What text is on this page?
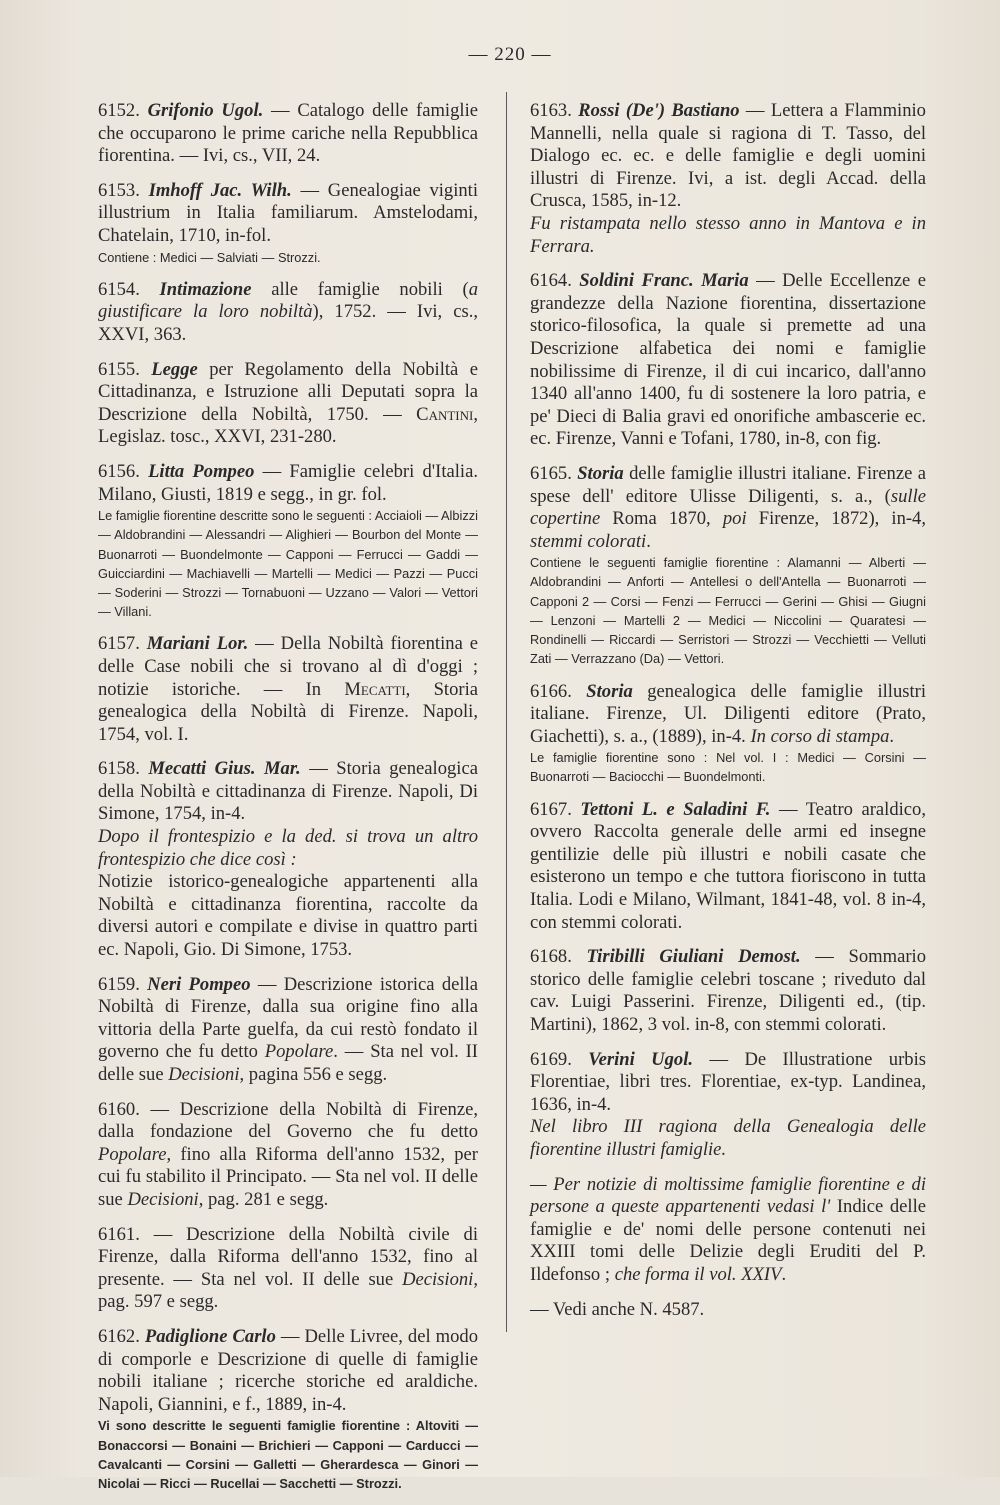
— 220 —

6152. Grifonio Ugol. — Catalogo delle famiglie che occuparono le prime cariche nella Repubblica fiorentina. — Ivi, cs., VII, 24.

6153. Imhoff Jac. Wilh. — Genealogiae viginti illustrium in Italia familiarum. Amstelodami, Chatelain, 1710, in-fol.

Contiene : Medici — Salviati — Strozzi.

6154. Intimazione alle famiglie nobili (a giustificare la loro nobiltà), 1752. — Ivi, cs., XXVI, 363.

6155. Legge per Regolamento della Nobiltà e Cittadinanza, e Istruzione alli Deputati sopra la Descrizione della Nobiltà, 1750. — Cantini, Legislaz. tosc., XXVI, 231-280.

6156. Litta Pompeo — Famiglie celebri d'Italia. Milano, Giusti, 1819 e segg., in gr. fol.

Le famiglie fiorentine descritte sono le seguenti : Acciaioli — Albizzi — Aldobrandini — Alessandri — Alighieri — Bourbon del Monte — Buonarroti — Buondelmonte — Capponi — Ferrucci — Gaddi — Guicciardini — Machiavelli — Martelli — Medici — Pazzi — Pucci — Soderini — Strozzi — Tornabuoni — Uzzano — Valori — Vettori — Villani.

6157. Mariani Lor. — Della Nobiltà fiorentina e delle Case nobili che si trovano al dì d'oggi ; notizie istoriche. — In Mecatti, Storia genealogica della Nobiltà di Firenze. Napoli, 1754, vol. I.

6158. Mecatti Gius. Mar. — Storia genealogica della Nobiltà e cittadinanza di Firenze. Napoli, Di Simone, 1754, in-4.

Dopo il frontespizio e la ded. si trova un altro frontespizio che dice così :

Notizie istorico-genealogiche appartenenti alla Nobiltà e cittadinanza fiorentina, raccolte da diversi autori e compilate e divise in quattro parti ec. Napoli, Gio. Di Simone, 1753.

6159. Neri Pompeo — Descrizione istorica della Nobiltà di Firenze, dalla sua origine fino alla vittoria della Parte guelfa, da cui restò fondato il governo che fu detto Popolare. — Sta nel vol. II delle sue Decisioni, pagina 556 e segg.

6160. — Descrizione della Nobiltà di Firenze, dalla fondazione del Governo che fu detto Popolare, fino alla Riforma dell'anno 1532, per cui fu stabilito il Principato. — Sta nel vol. II delle sue Decisioni, pag. 281 e segg.

6161. — Descrizione della Nobiltà civile di Firenze, dalla Riforma dell'anno 1532, fino al presente. — Sta nel vol. II delle sue Decisioni, pag. 597 e segg.

6162. Padiglione Carlo — Delle Livree, del modo di comporle e Descrizione di quelle di famiglie nobili italiane ; ricerche storiche ed araldiche. Napoli, Giannini, e f., 1889, in-4.

Vi sono descritte le seguenti famiglie fiorentine : Altoviti — Bonaccorsi — Bonaini — Brichieri — Capponi — Carducci — Cavalcanti — Corsini — Galletti — Gherardesca — Ginori — Nicolai — Ricci — Rucellai — Sacchetti — Strozzi.

6163. Rossi (De') Bastiano — Lettera a Flamminio Mannelli, nella quale si ragiona di T. Tasso, del Dialogo ec. ec. e delle famiglie e degli uomini illustri di Firenze. Ivi, a ist. degli Accad. della Crusca, 1585, in-12.

Fu ristampata nello stesso anno in Mantova e in Ferrara.

6164. Soldini Franc. Maria — Delle Eccellenze e grandezze della Nazione fiorentina, dissertazione storico-filosofica, la quale si premette ad una Descrizione alfabetica dei nomi e famiglie nobilissime di Firenze, il di cui incarico, dall'anno 1340 all'anno 1400, fu di sostenere la loro patria, e pe' Dieci di Balia gravi ed onorifiche ambascerie ec. ec. Firenze, Vanni e Tofani, 1780, in-8, con fig.

6165. Storia delle famiglie illustri italiane. Firenze a spese dell' editore Ulisse Diligenti, s. a., (sulle copertine Roma 1870, poi Firenze, 1872), in-4, stemmi colorati.

Contiene le seguenti famiglie fiorentine : Alamanni — Alberti — Aldobrandini — Anforti — Antellesi o dell'Antella — Buonarroti — Capponi 2 — Corsi — Fenzi — Ferrucci — Gerini — Ghisi — Giugni — Lenzoni — Martelli 2 — Medici — Niccolini — Quaratesi — Rondinelli — Riccardi — Serristori — Strozzi — Vecchietti — Velluti Zati — Verrazzano (Da) — Vettori.

6166. Storia genealogica delle famiglie illustri italiane. Firenze, Ul. Diligenti editore (Prato, Giachetti), s. a., (1889), in-4. In corso di stampa.

Le famiglie fiorentine sono : Nel vol. I : Medici — Corsini — Buonarroti — Baciocchi — Buondelmonti.

6167. Tettoni L. e Saladini F. — Teatro araldico, ovvero Raccolta generale delle armi ed insegne gentilizie delle più illustri e nobili casate che esisterono un tempo e che tuttora fioriscono in tutta Italia. Lodi e Milano, Wilmant, 1841-48, vol. 8 in-4, con stemmi colorati.

6168. Tiribilli Giuliani Demost. — Sommario storico delle famiglie celebri toscane ; riveduto dal cav. Luigi Passerini. Firenze, Diligenti ed., (tip. Martini), 1862, 3 vol. in-8, con stemmi colorati.

6169. Verini Ugol. — De Illustratione urbis Florentiae, libri tres. Florentiae, ex-typ. Landinea, 1636, in-4.

Nel libro III ragiona della Genealogia delle fiorentine illustri famiglie.

— Per notizie di moltissime famiglie fiorentine e di persone a queste appartenenti vedasi l' Indice delle famiglie e de' nomi delle persone contenuti nei XXIII tomi delle Delizie degli Eruditi del P. Ildefonso ; che forma il vol. XXIV.

— Vedi anche N. 4587.
